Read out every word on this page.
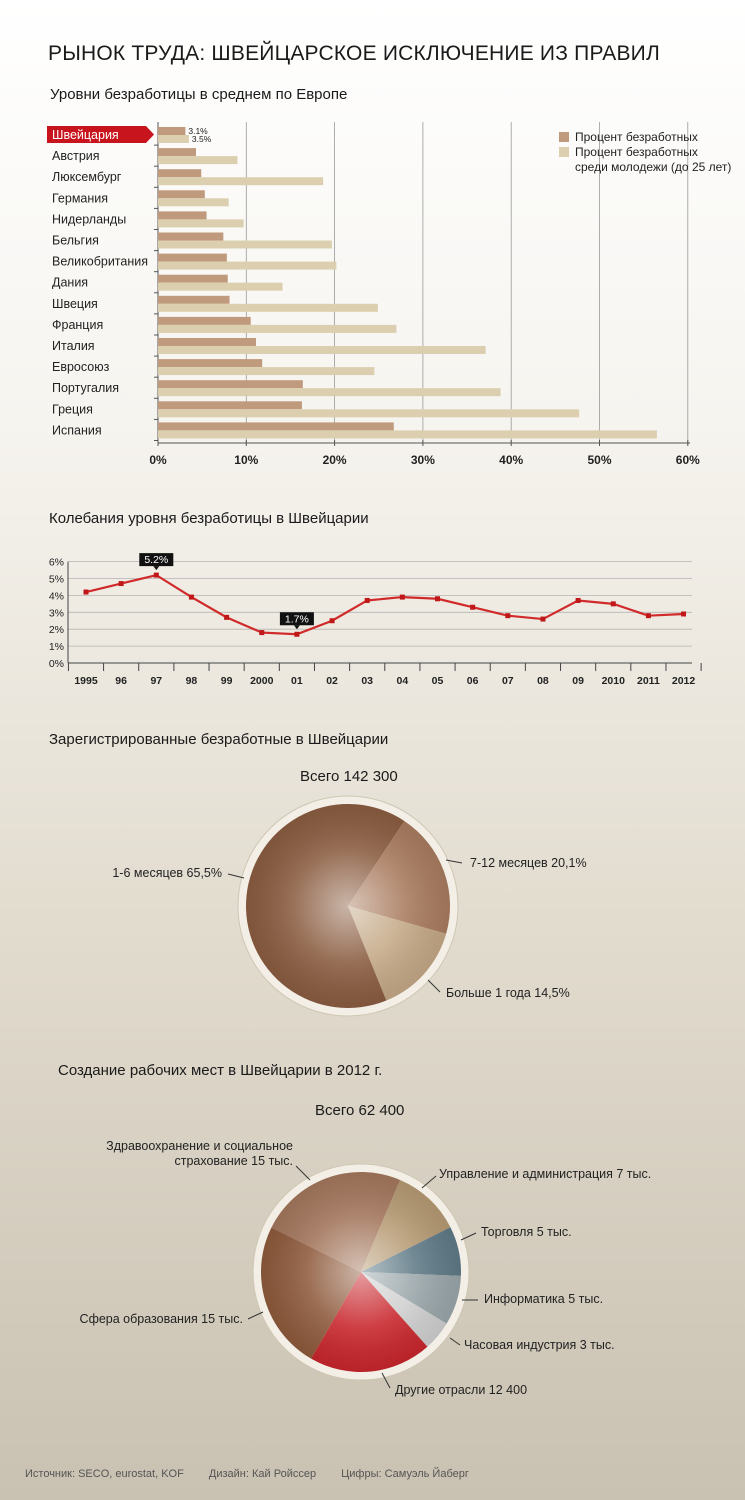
РЫНОК ТРУДА: ШВЕЙЦАРСКОЕ ИСКЛЮЧЕНИЕ ИЗ ПРАВИЛ
Уровни безработицы в среднем по Европе
0%	10%	20%	30%	40%	50%	60%
Швейцария	3.1%
3.5%
Австрия
Люксембург
Германия
Нидерланды
Бельгия
Великобритания
Дания
Швеция
Франция
Италия
Евросоюз
Португалия
Греция
Испания
Процент безработных
Процент безработных
среди молодежи (до 25 лет)
Колебания уровня безработицы в Швейцарии
0%
1%
2%
3%
4%
5%
6%
1995 96 97 98 99 2000 01 02 03 04 05 06 07 08 09 2010 2011 2012
5.2%
1.7%
Зарегистрированные безработные в Швейцарии
Всего 142 300
7-12 месяцев 20,1%
Больше 1 года 14,5%
1-6 месяцев 65,5%
Создание рабочих мест в Швейцарии в 2012 г.
Всего 62 400
Управление и администрация 7 тыс.
Торговля 5 тыс.
Информатика 5 тыс.
Часовая индустрия 3 тыс.
Другие отрасли 12 400
Сфера образования 15 тыс.
Здравоохранение и социальное
страхование 15 тыс.
Источник: SECO, eurostat, KOF Дизайн: Кай Ройссер Цифры: Самуэль Йаберг
